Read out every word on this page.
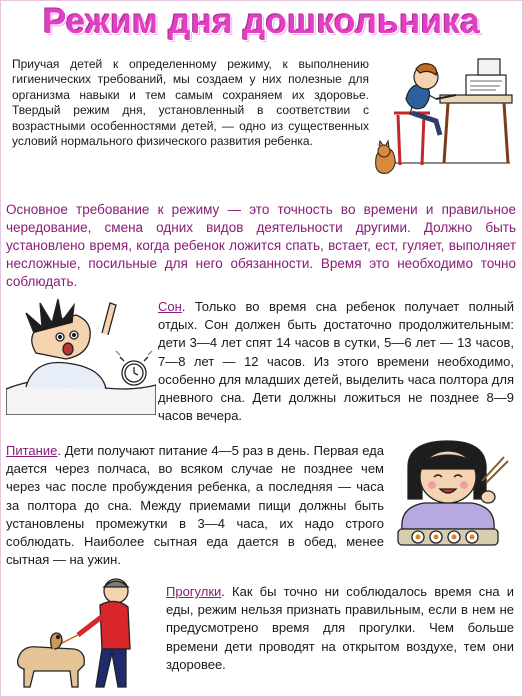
Режим дня дошкольника

Приучая детей к определенному режиму, к выполнению гигиенических требований, мы создаем у них полезные для организма навыки и тем самым сохраняем их здоровье. Твердый режим дня, установленный в соответствии с возрастными особенностями детей, — одно из существенных условий нормального физического развития ребенка.

Основное требование к режиму — это точность во времени и правильное чередование, смена одних видов деятельности другими. Должно быть установлено время, когда ребенок ложится спать, встает, ест, гуляет, выполняет несложные, посильные для него обязанности. Время это необходимо точно соблюдать.

Сон. Только во время сна ребенок получает полный отдых. Сон должен быть достаточно продолжительным: дети 3—4 лет спят 14 часов в сутки, 5—6 лет — 13 часов, 7—8 лет — 12 часов. Из этого времени необходимо, особенно для младших детей, выделить часа полтора для дневного сна. Дети должны ложиться не позднее 8—9 часов вечера.

Питание. Дети получают питание 4—5 раз в день. Первая еда дается через полчаса, во всяком случае не позднее чем через час после пробуждения ребенка, а последняя — часа за полтора до сна. Между приемами пищи должны быть установлены промежутки в 3—4 часа, их надо строго соблюдать. Наиболее сытная еда дается в обед, менее сытная — на ужин.

Прогулки. Как бы точно ни соблюдалось время сна и еды, режим нельзя признать правильным, если в нем не предусмотрено время для прогулки. Чем больше времени дети проводят на открытом воздухе, тем они здоровее.
